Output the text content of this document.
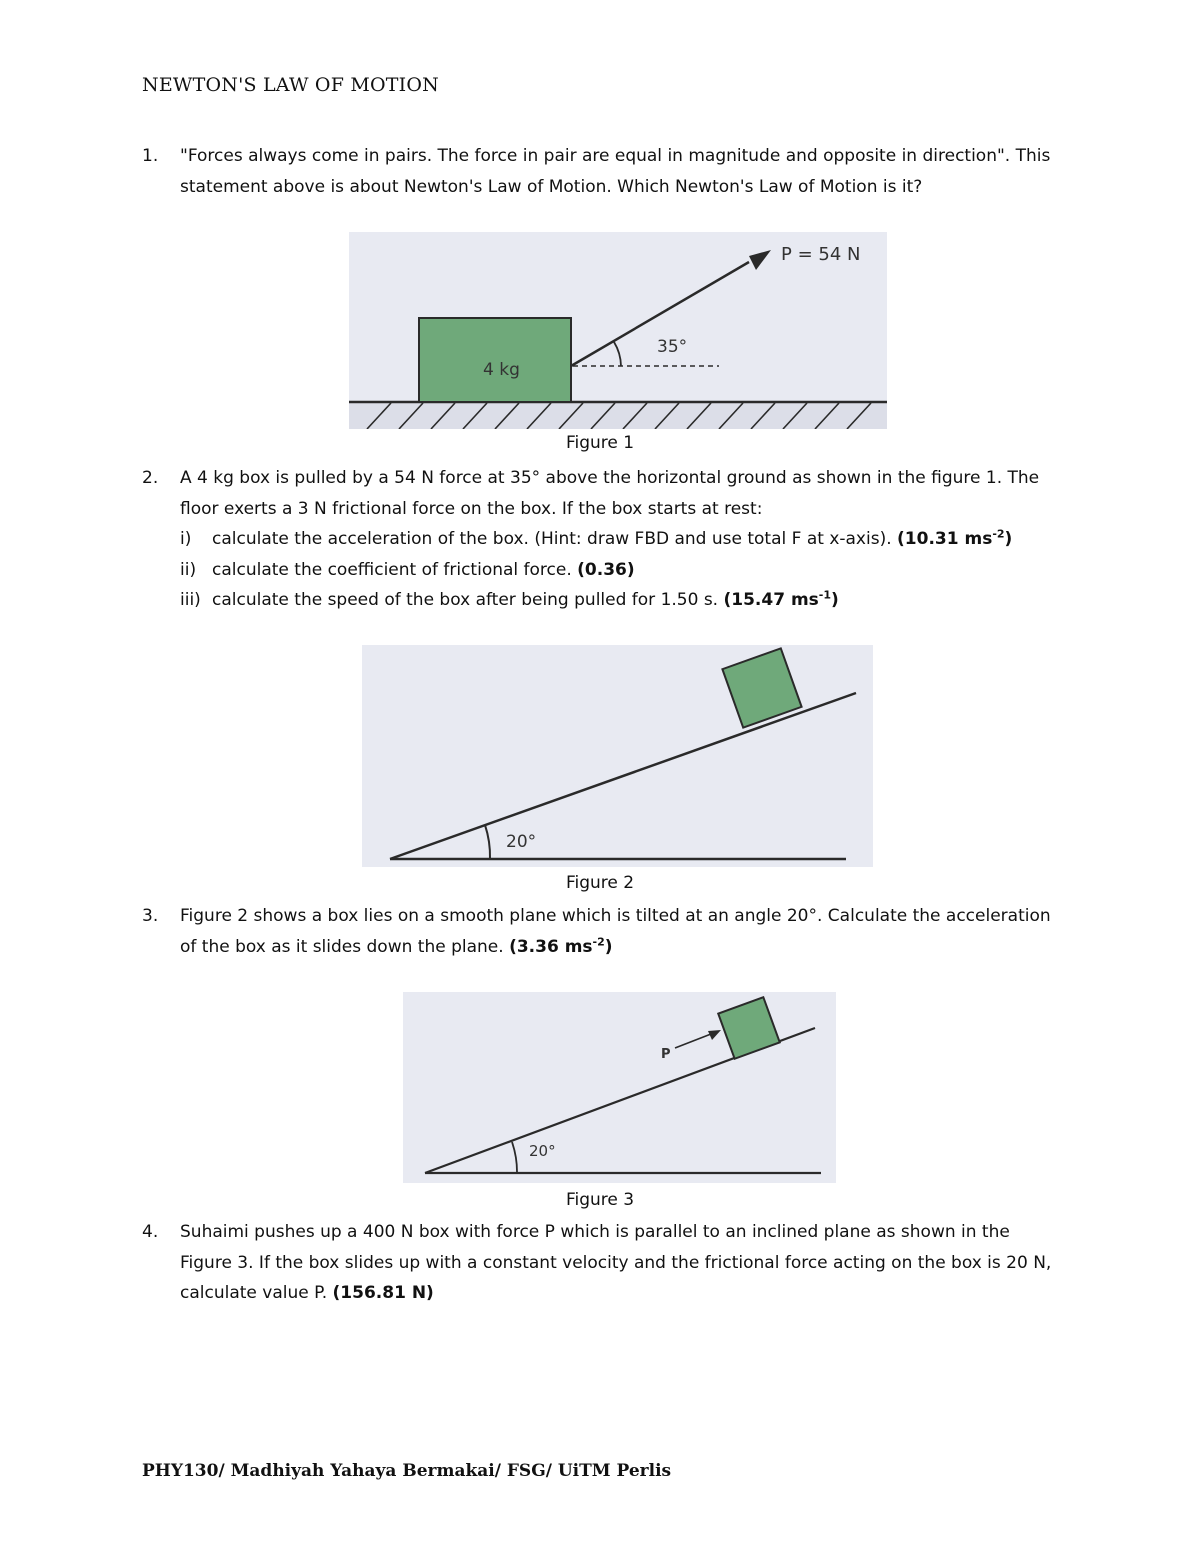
NEWTON'S LAW OF MOTION
1. "Forces always come in pairs. The force in pair are equal in magnitude and opposite in direction". This statement above is about Newton's Law of Motion. Which Newton's Law of Motion is it?
4 kg
35°
P = 54 N
Figure 1
2. A 4 kg box is pulled by a 54 N force at 35° above the horizontal ground as shown in the figure 1. The floor exerts a 3 N frictional force on the box. If the box starts at rest:
i) calculate the acceleration of the box. (Hint: draw FBD and use total F at x-axis). (10.31 $ms^{-2}$)
ii) calculate the coefficient of frictional force. (0.36)
iii) calculate the speed of the box after being pulled for 1.50 s. (15.47 $ms^{-1}$)
20°
Figure 2
3. Figure 2 shows a box lies on a smooth plane which is tilted at an angle 20°. Calculate the acceleration of the box as it slides down the plane. (3.36 $ms^{-2}$)
P
20°
Figure 3
4. Suhaimi pushes up a 400 N box with force P which is parallel to an inclined plane as shown in the Figure 3. If the box slides up with a constant velocity and the frictional force acting on the box is 20 N, calculate value P. (156.81 N)
PHY130/ Madhiyah Yahaya Bermakai/ FSG/ UiTM Perlis
